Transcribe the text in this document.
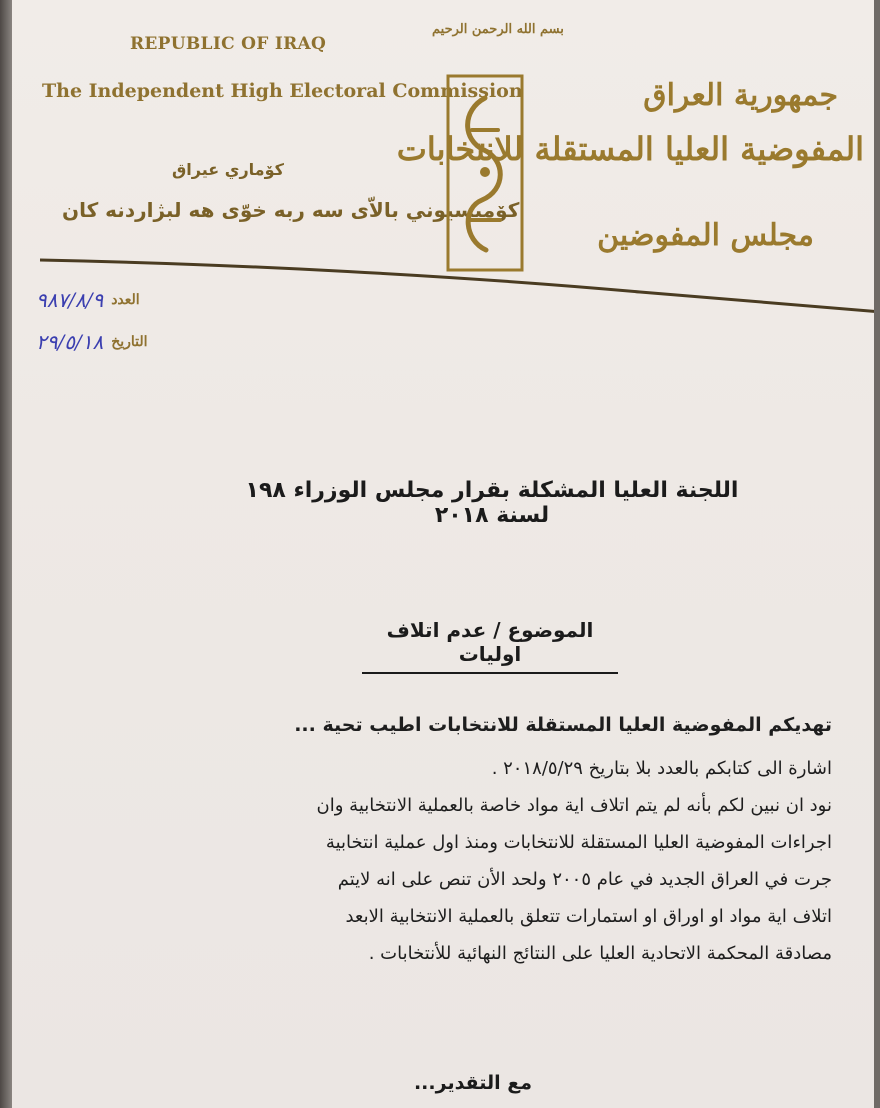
REPUBLIC OF IRAQ
The Independent High Electoral Commission
كۆماري عيراق
كۆميسيوني بالاّى سه ربه خوّى هه لبژاردنه كان
بسم الله الرحمن الرحيم
جمهورية العراق
المفوضية العليا المستقلة للانتخابات
مجلس المفوضين
العدد
٩٨٧/٨/٩
التاريخ
٢٩/٥/١٨
اللجنة العليا المشكلة بقرار مجلس الوزراء ١٩٨ لسنة ٢٠١٨
الموضوع / عدم اتلاف اوليات

تهديكم المفوضية العليا المستقلة للانتخابات اطيب تحية ...

اشارة الى كتابكم بالعدد بلا بتاريخ ٢٠١٨/٥/٢٩ .

نود ان نبين لكم بأنه لم يتم اتلاف اية مواد خاصة بالعملية الانتخابية وان

اجراءات المفوضية العليا المستقلة للانتخابات ومنذ اول عملية انتخابية

جرت في العراق الجديد في عام ٢٠٠٥ ولحد الأن تنص على انه لايتم

اتلاف اية مواد او اوراق او استمارات تتعلق بالعملية الانتخابية الابعد

مصادقة المحكمة الاتحادية العليا على النتائج النهائية للأنتخابات .

مع التقدير...
